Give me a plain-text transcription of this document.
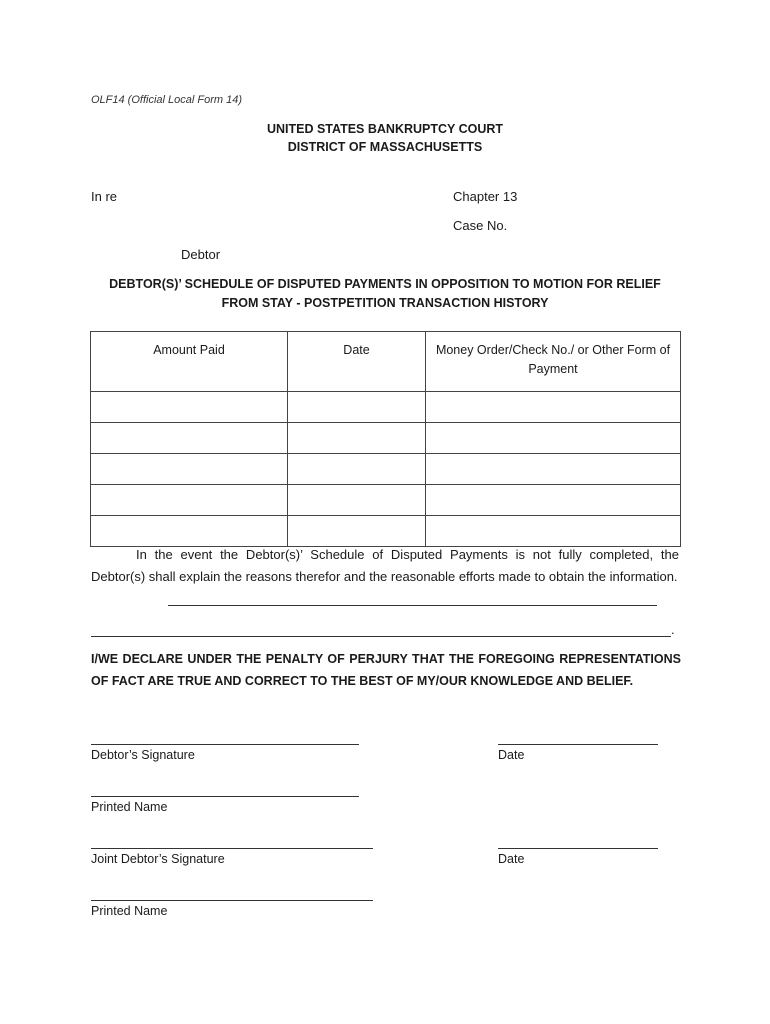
OLF14 (Official Local Form 14)
UNITED STATES BANKRUPTCY COURT
DISTRICT OF MASSACHUSETTS
In re	Chapter 13
Case No.
Debtor
DEBTOR(S)’ SCHEDULE OF DISPUTED PAYMENTS IN OPPOSITION TO MOTION FOR RELIEF
FROM STAY - POSTPETITION TRANSACTION HISTORY
Amount Paid	Date	Money Order/Check No./ or Other Form of Payment

In the event the Debtor(s)’ Schedule of Disputed Payments is not fully completed, the Debtor(s) shall explain the reasons therefor and the reasonable efforts made to obtain the information.
.
I/WE DECLARE UNDER THE PENALTY OF PERJURY THAT THE FOREGOING REPRESENTATIONS OF FACT ARE TRUE AND CORRECT TO THE BEST OF MY/OUR KNOWLEDGE AND BELIEF.
Debtor’s Signature	Date
Printed Name
Joint Debtor’s Signature	Date
Printed Name
